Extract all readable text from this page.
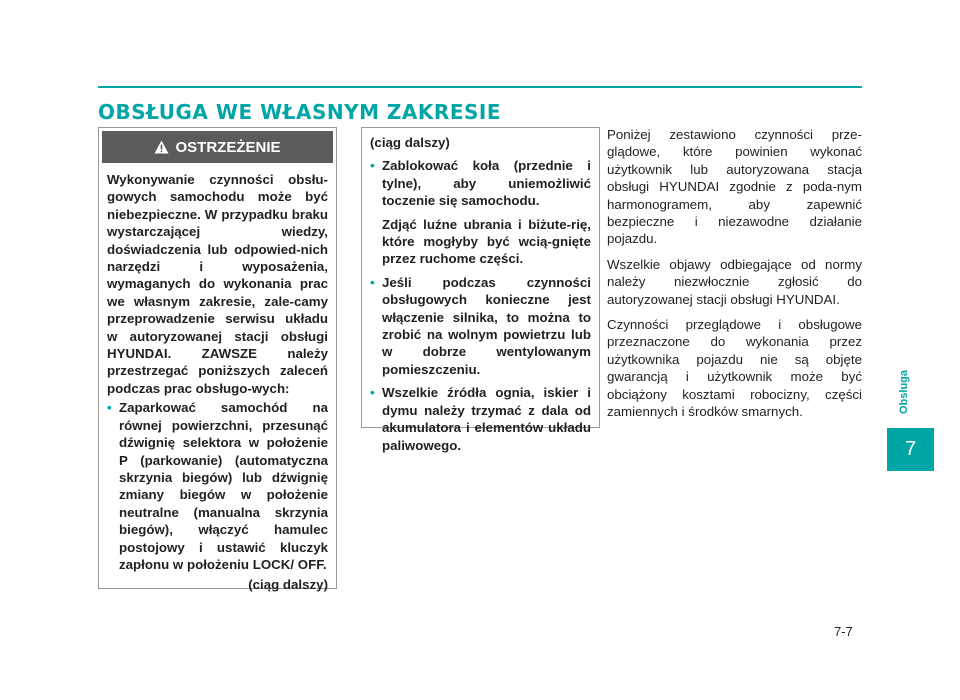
OBSŁUGA WE WŁASNYM ZAKRESIE
OSTRZEŻENIE

Wykonywanie czynności obsłu-gowych samochodu może być niebezpieczne. W przypadku braku wystarczającej wiedzy, doświadczenia lub odpowied-nich narzędzi i wyposażenia, wymaganych do wykonania prac we własnym zakresie, zale-camy przeprowadzenie serwisu układu w autoryzowanej stacji obsługi HYUNDAI. ZAWSZE należy przestrzegać poniższych zaleceń podczas prac obsługo-wych:

• Zaparkować samochód na równej powierzchni, przesunąć dźwignię selektora w położenie P (parkowanie) (automatyczna skrzynia biegów) lub dźwignię zmiany biegów w położenie neutralne (manualna skrzynia biegów), włączyć hamulec postojowy i ustawić kluczyk zapłonu w położeniu LOCK/ OFF.
(ciąg dalszy)

(ciąg dalszy)

• Zablokować koła (przednie i tylne), aby uniemożliwić toczenie się samochodu.
Zdjąć luźne ubrania i biżute-rię, które mogłyby być wcią-gnięte przez ruchome części.
• Jeśli podczas czynności obsługowych konieczne jest włączenie silnika, to można to zrobić na wolnym powietrzu lub w dobrze wentylowanym pomieszczeniu.
• Wszelkie źródła ognia, iskier i dymu należy trzymać z dala od akumulatora i elementów układu paliwowego.

Poniżej zestawiono czynności prze-glądowe, które powinien wykonać użytkownik lub autoryzowana stacja obsługi HYUNDAI zgodnie z poda-nym harmonogramem, aby zapewnić bezpieczne i niezawodne działanie pojazdu.

Wszelkie objawy odbiegające od normy należy niezwłocznie zgłosić do autoryzowanej stacji obsługi HYUNDAI.

Czynności przeglądowe i obsługowe przeznaczone do wykonania przez użytkownika pojazdu nie są objęte gwarancją i użytkownik może być obciążony kosztami robocizny, części zamiennych i środków smarnych.	Obsługa
7
7-7
